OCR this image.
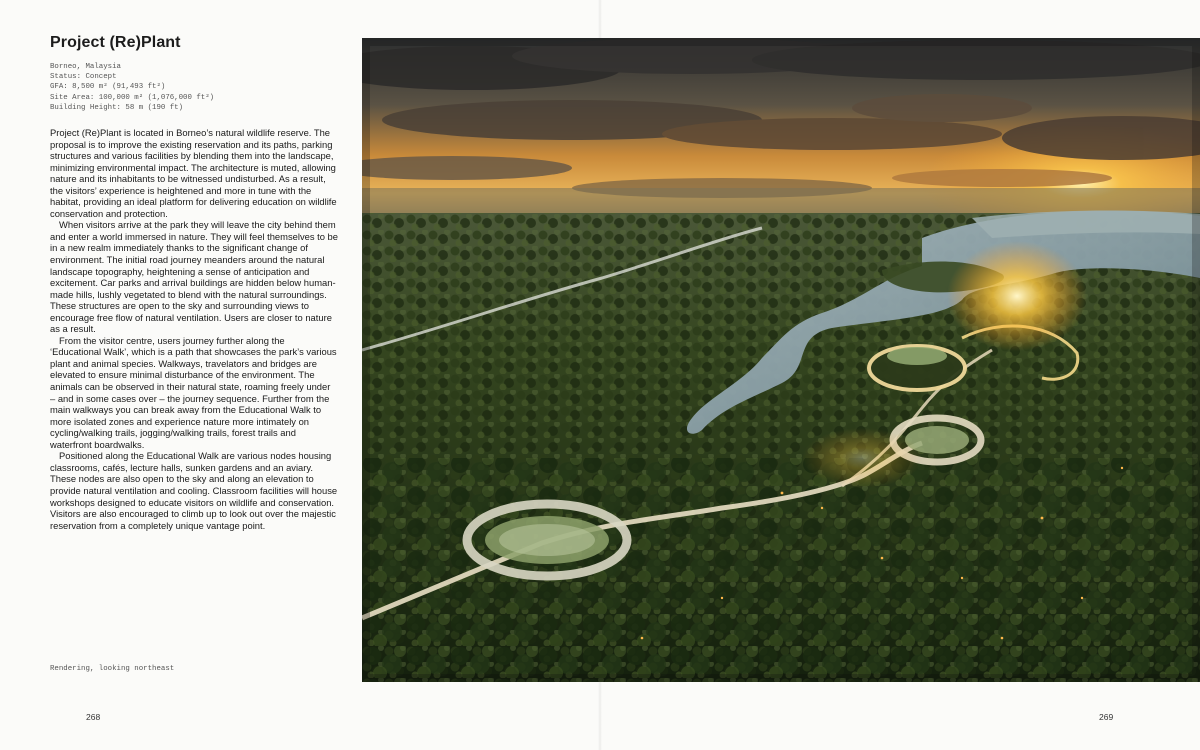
Project (Re)Plant
Borneo, Malaysia
Status: Concept
GFA: 8,500 m² (91,493 ft²)
Site Area: 100,000 m² (1,076,000 ft²)
Building Height: 58 m (190 ft)

Project (Re)Plant is located in Borneo’s natural wildlife reserve. The proposal is to improve the existing reservation and its paths, parking structures and various facilities by blending them into the landscape, minimizing environmental impact. The architecture is muted, allowing nature and its inhabitants to be witnessed undisturbed. As a result, the visitors’ experience is heightened and more in tune with the habitat, providing an ideal platform for delivering education on wildlife conservation and protection.

When visitors arrive at the park they will leave the city behind them and enter a world immersed in nature. They will feel themselves to be in a new realm immediately thanks to the significant change of environment. The initial road journey meanders around the natural landscape topography, heightening a sense of anticipation and excitement. Car parks and arrival buildings are hidden below human-made hills, lushly vegetated to blend with the natural surroundings. These structures are open to the sky and surrounding views to encourage free flow of natural ventilation. Users are closer to nature as a result.

From the visitor centre, users journey further along the ‘Educational Walk’, which is a path that showcases the park’s various plant and animal species. Walkways, travelators and bridges are elevated to ensure minimal disturbance of the environment. The animals can be observed in their natural state, roaming freely under – and in some cases over – the journey sequence. Further from the main walkways you can break away from the Educational Walk to more isolated zones and experience nature more intimately on cycling/walking trails, jogging/walking trails, forest trails and waterfront boardwalks.

Positioned along the Educational Walk are various nodes housing classrooms, cafés, lecture halls, sunken gardens and an aviary. These nodes are also open to the sky and along an elevation to provide natural ventilation and cooling. Classroom facilities will house workshops designed to educate visitors on wildlife and conservation. Visitors are also encouraged to climb up to look out over the majestic reservation from a completely unique vantage point.

Rendering, looking northeast
268	269
